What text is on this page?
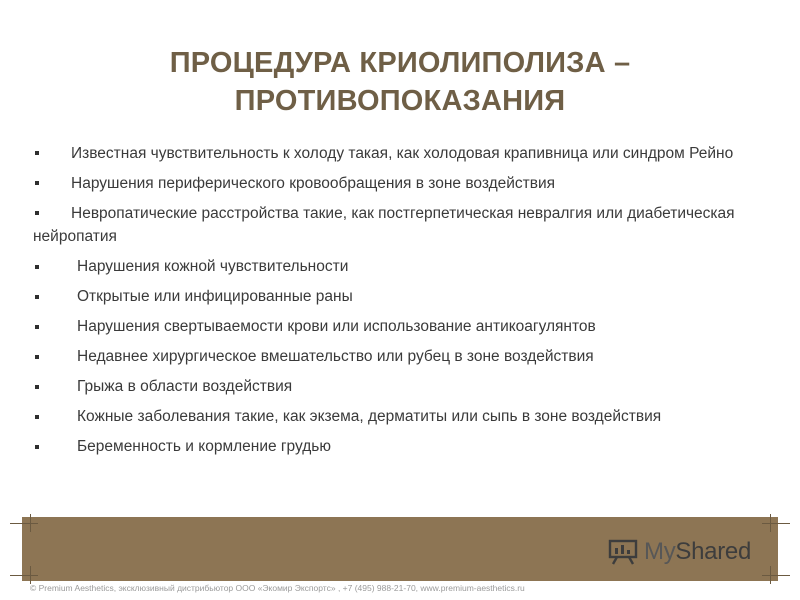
ПРОЦЕДУРА КРИОЛИПОЛИЗА –
ПРОТИВОПОКАЗАНИЯ
Известная чувствительность к холоду такая, как холодовая крапивница или синдром Рейно
Нарушения периферического кровообращения в зоне воздействия
Невропатические расстройства такие, как постгерпетическая невралгия или диабетическая нейропатия
Нарушения кожной чувствительности
Открытые или инфицированные раны
Нарушения свертываемости крови или использование антикоагулянтов
Недавнее хирургическое вмешательство или рубец в зоне воздействия
Грыжа в области воздействия
Кожные заболевания такие, как экзема, дерматиты или сыпь в зоне воздействия
Беременность и кормление грудью
MyShared
© Premium Aesthetics, эксклюзивный дистрибьютор ООО «Экомир Экспортс» , +7 (495) 988-21-70, www.premium-aesthetics.ru
